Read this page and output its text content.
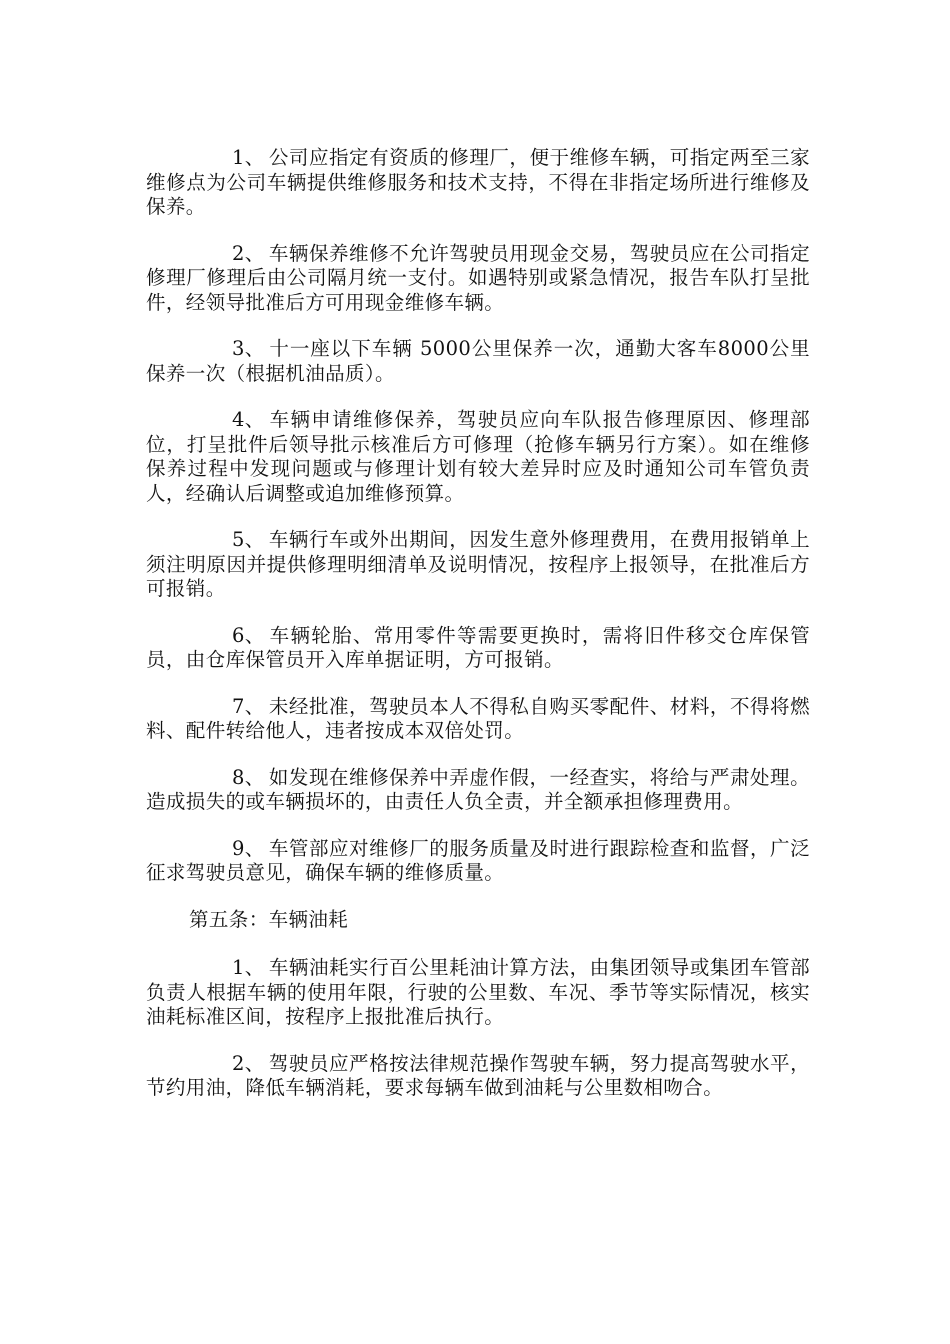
1、 公司应指定有资质的修理厂，便于维修车辆，可指定两至三家维修点为公司车辆提供维修服务和技术支持，不得在非指定场所进行维修及保养。

2、 车辆保养维修不允许驾驶员用现金交易，驾驶员应在公司指定修理厂修理后由公司隔月统一支付。如遇特别或紧急情况，报告车队打呈批件，经领导批准后方可用现金维修车辆。

3、 十一座以下车辆 5000公里保养一次，通勤大客车8000公里保养一次（根据机油品质）。

4、 车辆申请维修保养，驾驶员应向车队报告修理原因、修理部位，打呈批件后领导批示核准后方可修理（抢修车辆另行方案）。如在维修保养过程中发现问题或与修理计划有较大差异时应及时通知公司车管负责人，经确认后调整或追加维修预算。

5、 车辆行车或外出期间，因发生意外修理费用，在费用报销单上须注明原因并提供修理明细清单及说明情况，按程序上报领导，在批准后方可报销。

6、 车辆轮胎、常用零件等需要更换时，需将旧件移交仓库保管员，由仓库保管员开入库单据证明，方可报销。

7、 未经批准，驾驶员本人不得私自购买零配件、材料，不得将燃料、配件转给他人，违者按成本双倍处罚。

8、 如发现在维修保养中弄虚作假，一经查实，将给与严肃处理。造成损失的或车辆损坏的，由责任人负全责，并全额承担修理费用。

9、 车管部应对维修厂的服务质量及时进行跟踪检查和监督，广泛征求驾驶员意见，确保车辆的维修质量。

第五条：车辆油耗

1、 车辆油耗实行百公里耗油计算方法，由集团领导或集团车管部负责人根据车辆的使用年限，行驶的公里数、车况、季节等实际情况，核实油耗标准区间，按程序上报批准后执行。

2、 驾驶员应严格按法律规范操作驾驶车辆，努力提高驾驶水平，节约用油，降低车辆消耗，要求每辆车做到油耗与公里数相吻合。
